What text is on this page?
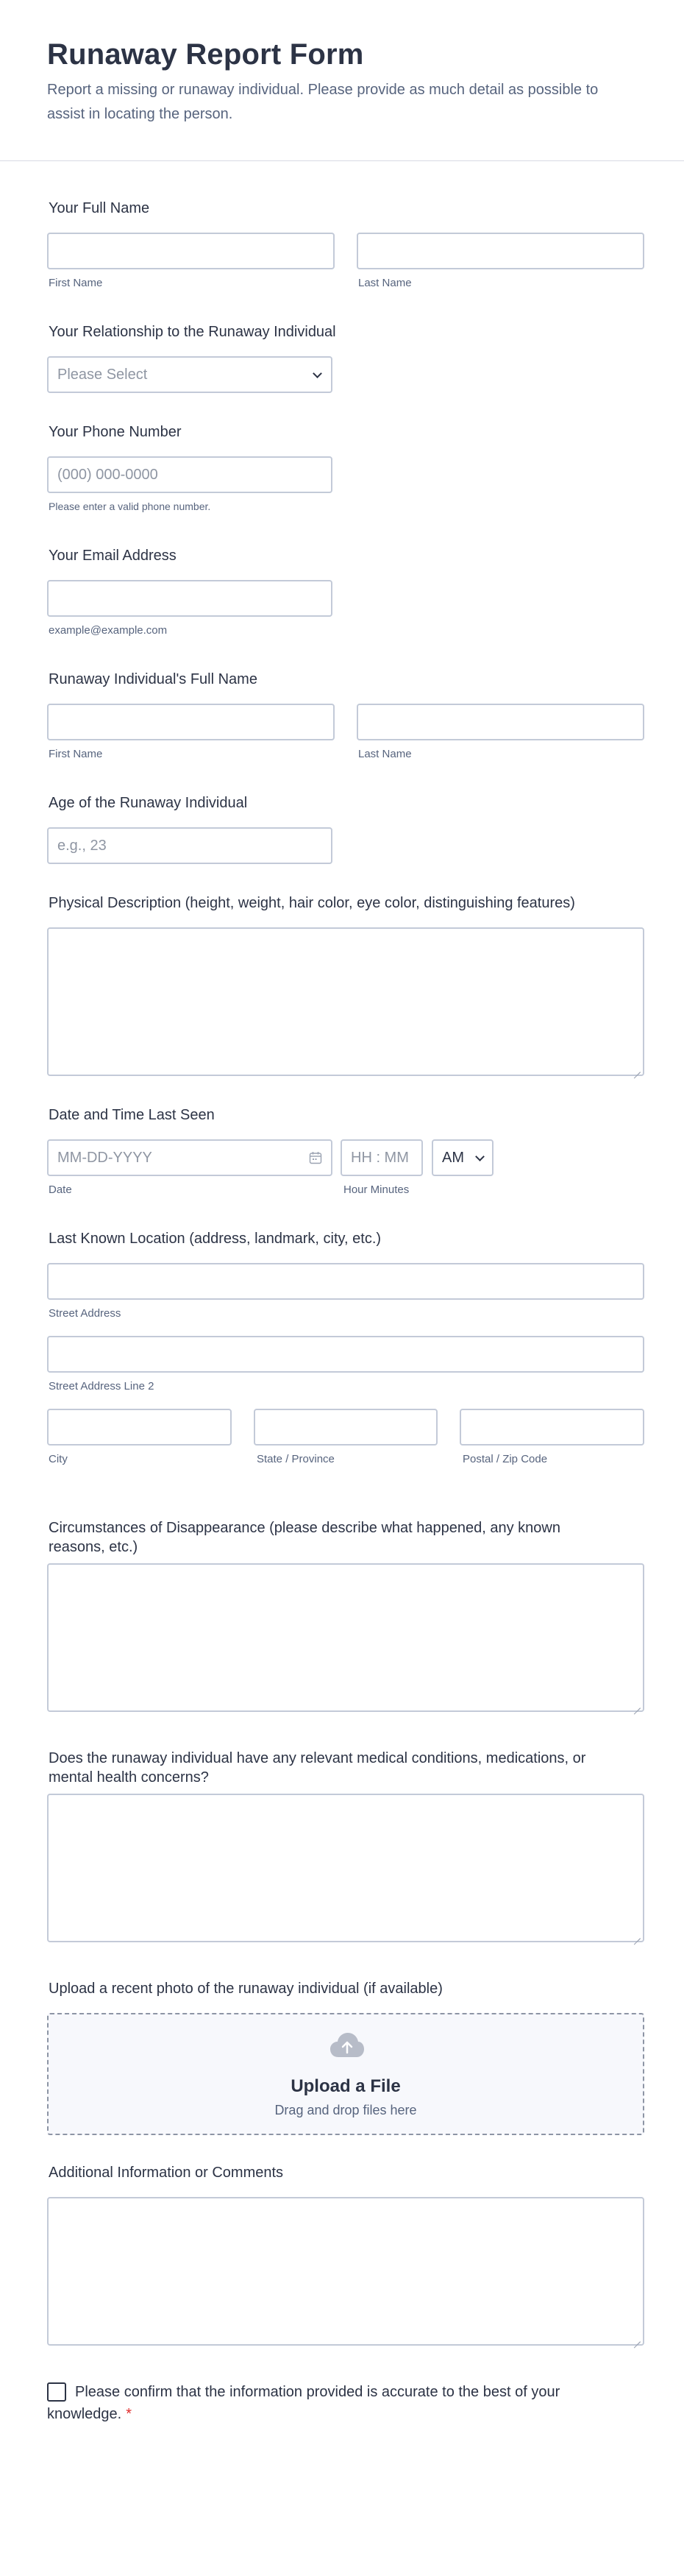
Runaway Report Form

Report a missing or runaway individual. Please provide as much detail as possible to assist in locating the person.

Your Full Name
First Name	Last Name
Your Relationship to the Runaway Individual
Please Select
Your Phone Number
(000) 000-0000
Please enter a valid phone number.
Your Email Address
example@example.com
Runaway Individual's Full Name
First Name	Last Name
Age of the Runaway Individual
e.g., 23
Physical Description (height, weight, hair color, eye color, distinguishing features)
Date and Time Last Seen
MM-DD-YYYY	HH : MM	AM
Date	Hour Minutes
Last Known Location (address, landmark, city, etc.)
Street Address
Street Address Line 2
City	State / Province	Postal / Zip Code
Circumstances of Disappearance (please describe what happened, any known reasons, etc.)
Does the runaway individual have any relevant medical conditions, medications, or mental health concerns?
Upload a recent photo of the runaway individual (if available)
Upload a File
Drag and drop files here
Additional Information or Comments
Please confirm that the information provided is accurate to the best of your knowledge. *
